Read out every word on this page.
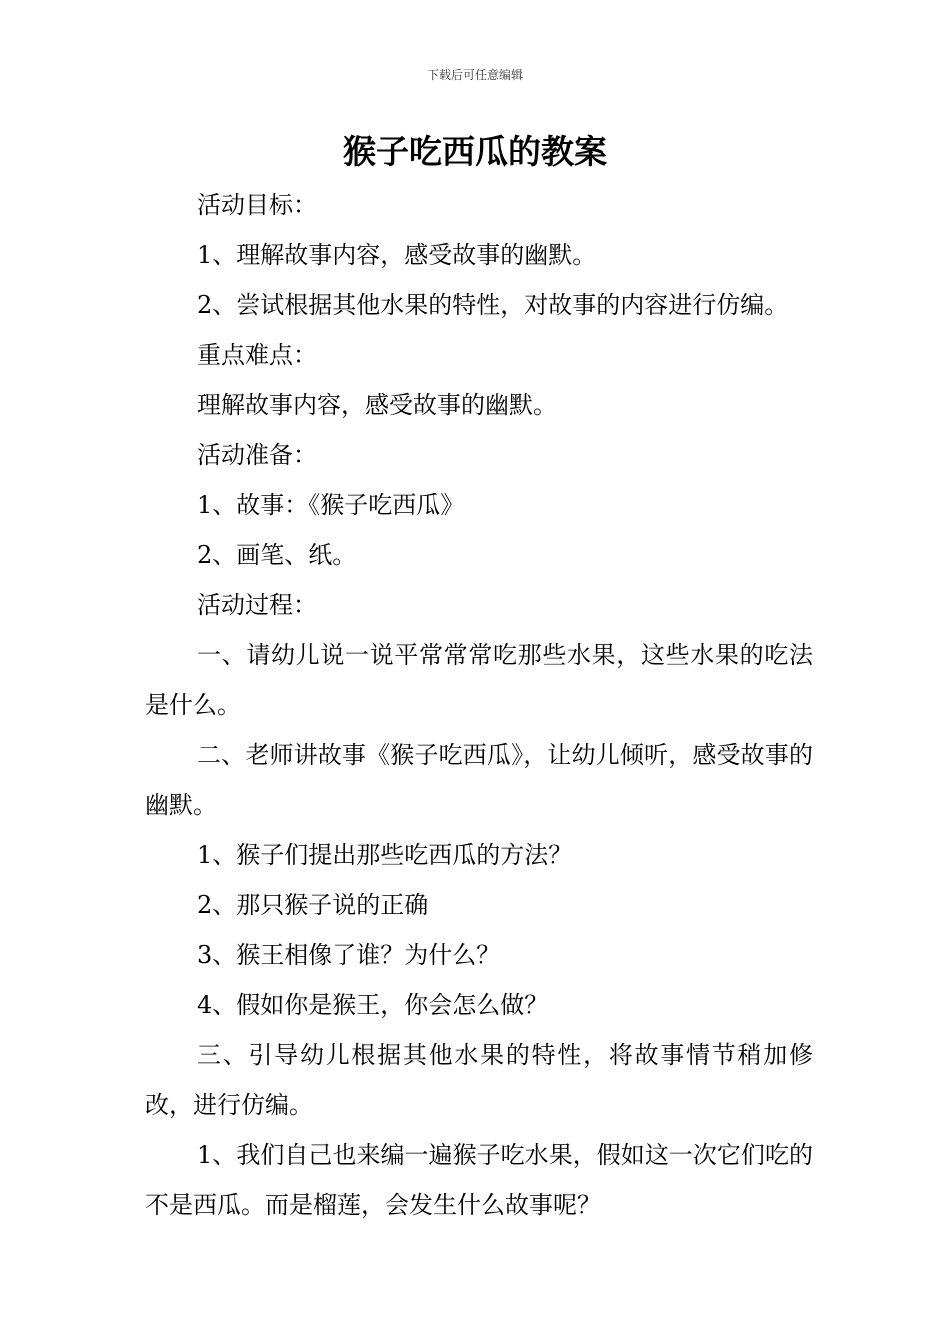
下载后可任意编辑
猴子吃西瓜的教案

活动目标：

1、理解故事内容，感受故事的幽默。

2、尝试根据其他水果的特性，对故事的内容进行仿编。

重点难点：

理解故事内容，感受故事的幽默。

活动准备：

1、故事：《猴子吃西瓜》

2、画笔、纸。

活动过程：

一、请幼儿说一说平常常常吃那些水果，这些水果的吃法是什么。

二、老师讲故事《猴子吃西瓜》，让幼儿倾听，感受故事的幽默。

1、猴子们提出那些吃西瓜的方法？

2、那只猴子说的正确

3、猴王相像了谁？为什么？

4、假如你是猴王，你会怎么做？

三、引导幼儿根据其他水果的特性，将故事情节稍加修改，进行仿编。

1、我们自己也来编一遍猴子吃水果，假如这一次它们吃的不是西瓜。而是榴莲，会发生什么故事呢？
